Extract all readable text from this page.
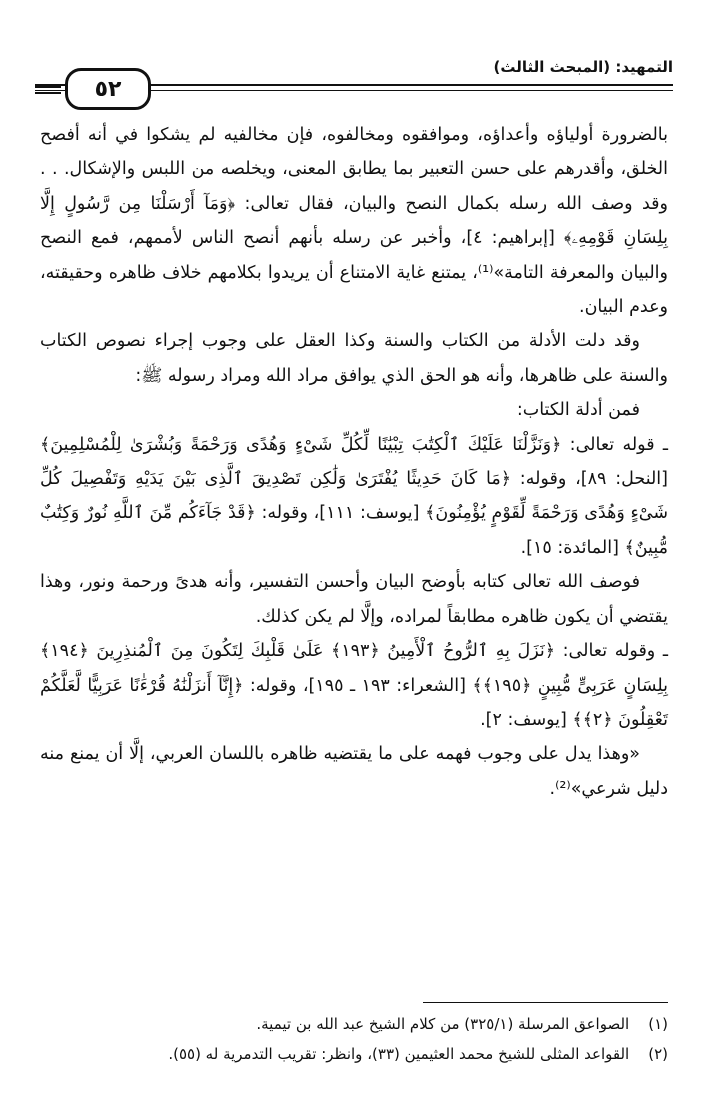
التمهيد: (المبحث الثالث)
٥٢

بالضرورة أولياؤه وأعداؤه، وموافقوه ومخالفوه، فإن مخالفيه لم يشكوا في أنه أفصح الخلق، وأقدرهم على حسن التعبير بما يطابق المعنى، ويخلصه من اللبس والإشكال. . . وقد وصف الله رسله بكمال النصح والبيان، فقال تعالى: ﴿وَمَآ أَرْسَلْنَا مِن رَّسُولٍ إِلَّا بِلِسَانِ قَوْمِهِۦ﴾ [إبراهيم: ٤]، وأخبر عن رسله بأنهم أنصح الناس لأممهم، فمع النصح والبيان والمعرفة التامة»⁽¹⁾، يمتنع غاية الامتناع أن يريدوا بكلامهم خلاف ظاهره وحقيقته، وعدم البيان.

وقد دلت الأدلة من الكتاب والسنة وكذا العقل على وجوب إجراء نصوص الكتاب والسنة على ظاهرها، وأنه هو الحق الذي يوافق مراد الله ومراد رسوله ﷺ:

فمن أدلة الكتاب:

ـ قوله تعالى: ﴿وَنَزَّلْنَا عَلَيْكَ ٱلْكِتَٰبَ تِبْيَٰنًا لِّكُلِّ شَىْءٍ وَهُدًى وَرَحْمَةً وَبُشْرَىٰ لِلْمُسْلِمِينَ﴾ [النحل: ٨٩]، وقوله: ﴿مَا كَانَ حَدِيثًا يُفْتَرَىٰ وَلَٰكِن تَصْدِيقَ ٱلَّذِى بَيْنَ يَدَيْهِ وَتَفْصِيلَ كُلِّ شَىْءٍ وَهُدًى وَرَحْمَةً لِّقَوْمٍ يُؤْمِنُونَ﴾ [يوسف: ١١١]، وقوله: ﴿قَدْ جَآءَكُم مِّنَ ٱللَّهِ نُورٌ وَكِتَٰبٌ مُّبِينٌ﴾ [المائدة: ١٥].

فوصف الله تعالى كتابه بأوضح البيان وأحسن التفسير، وأنه هدىً ورحمة ونور، وهذا يقتضي أن يكون ظاهره مطابقاً لمراده، وإلَّا لم يكن كذلك.

ـ وقوله تعالى: ﴿نَزَلَ بِهِ ٱلرُّوحُ ٱلْأَمِينُ ﴿١٩٣﴾ عَلَىٰ قَلْبِكَ لِتَكُونَ مِنَ ٱلْمُنذِرِينَ ﴿١٩٤﴾ بِلِسَانٍ عَرَبِىٍّ مُّبِينٍ ﴿١٩٥﴾﴾ [الشعراء: ١٩٣ ـ ١٩٥]، وقوله: ﴿إِنَّآ أَنزَلْنَٰهُ قُرْءَٰنًا عَرَبِيًّا لَّعَلَّكُمْ تَعْقِلُونَ ﴿٢﴾﴾ [يوسف: ٢].

«وهذا يدل على وجوب فهمه على ما يقتضيه ظاهره باللسان العربي، إلَّا أن يمنع منه دليل شرعي»⁽²⁾.

(١) الصواعق المرسلة (٣٢٥/١) من كلام الشيخ عبد الله بن تيمية.
(٢) القواعد المثلى للشيخ محمد العثيمين (٣٣)، وانظر: تقريب التدمرية له (٥٥).
